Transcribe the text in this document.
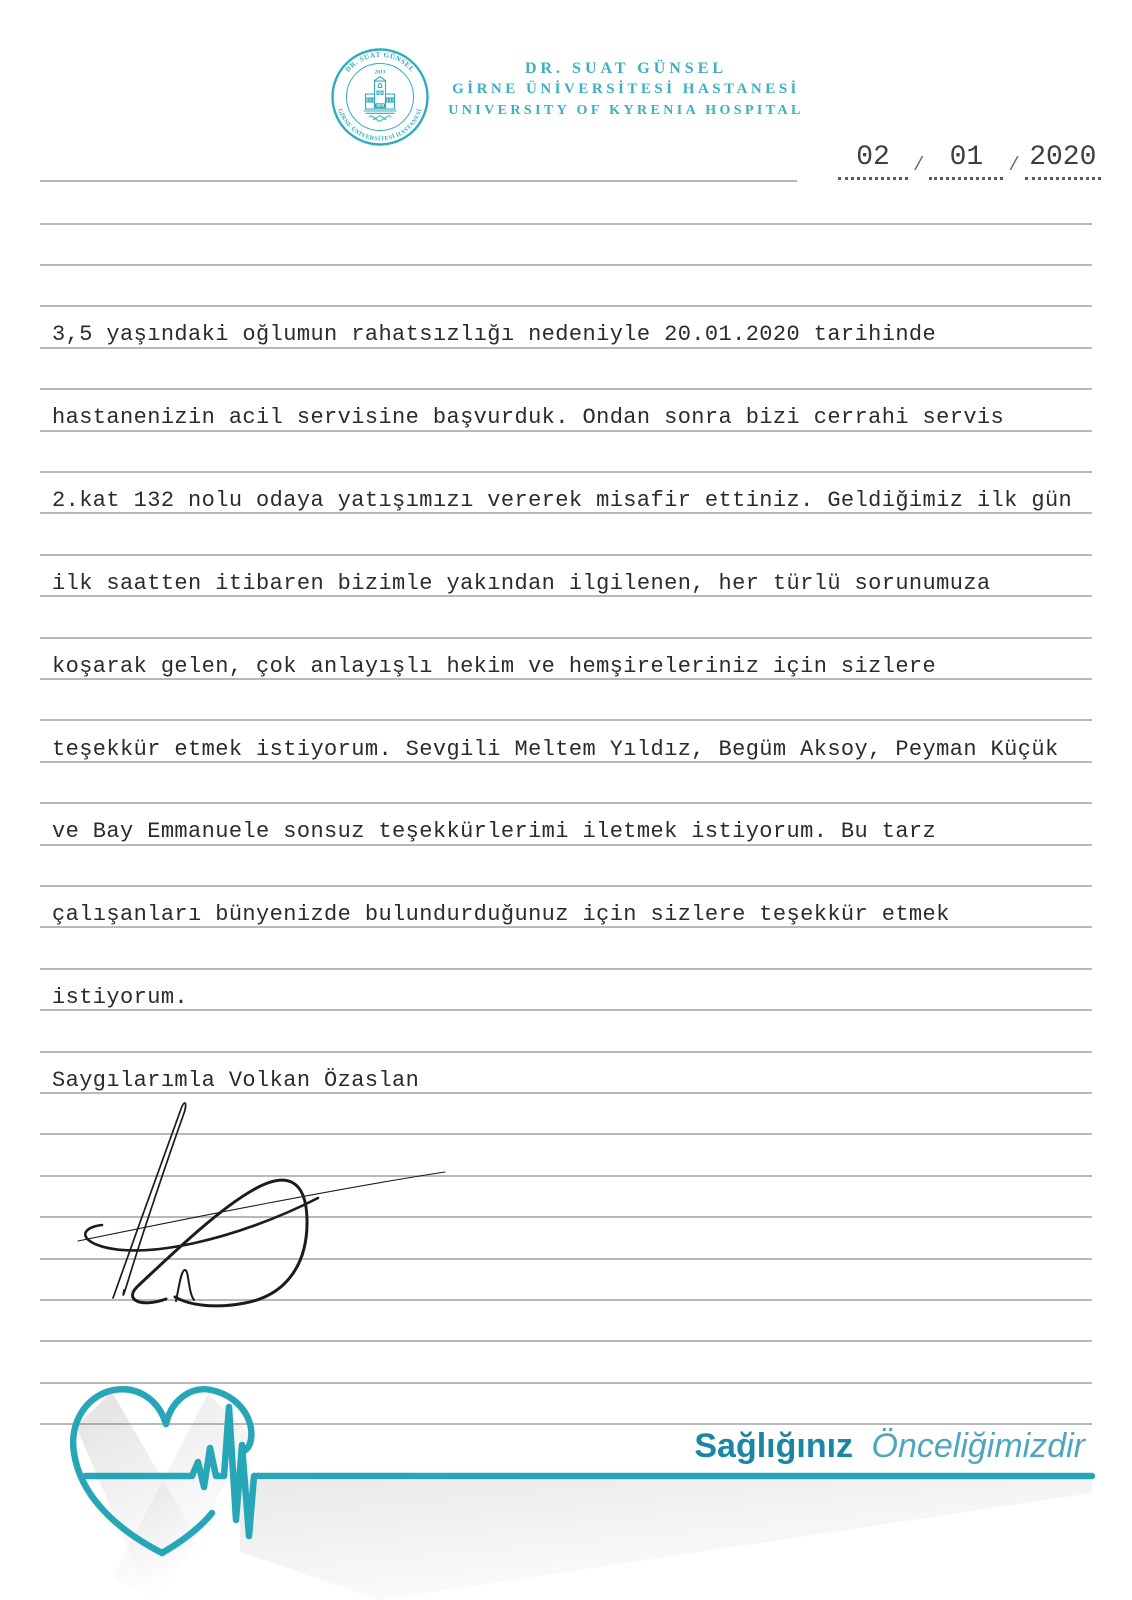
DR. SUAT GÜNSEL
2013
GİRNE ÜNİVERSİTESİ HASTANESİ
1978
DR. SUAT GÜNSEL
GİRNE ÜNİVERSİTESİ HASTANESİ
UNIVERSITY OF KYRENIA HOSPITAL
02	/ 01	/ 2020
3,5 yaşındaki oğlumun rahatsızlığı nedeniyle 20.01.2020 tarihinde
hastanenizin acil servisine başvurduk. Ondan sonra bizi cerrahi servis
2.kat 132 nolu odaya yatışımızı vererek misafir ettiniz. Geldiğimiz ilk gün
ilk saatten itibaren bizimle yakından ilgilenen, her türlü sorunumuza
koşarak gelen, çok anlayışlı hekim ve hemşireleriniz için sizlere
teşekkür etmek istiyorum. Sevgili Meltem Yıldız, Begüm Aksoy, Peyman Küçük
ve Bay Emmanuele sonsuz teşekkürlerimi iletmek istiyorum. Bu tarz
çalışanları bünyenizde bulundurduğunuz için sizlere teşekkür etmek
istiyorum.
Saygılarımla Volkan Özaslan
Sağlığınız Önceliğimizdir
